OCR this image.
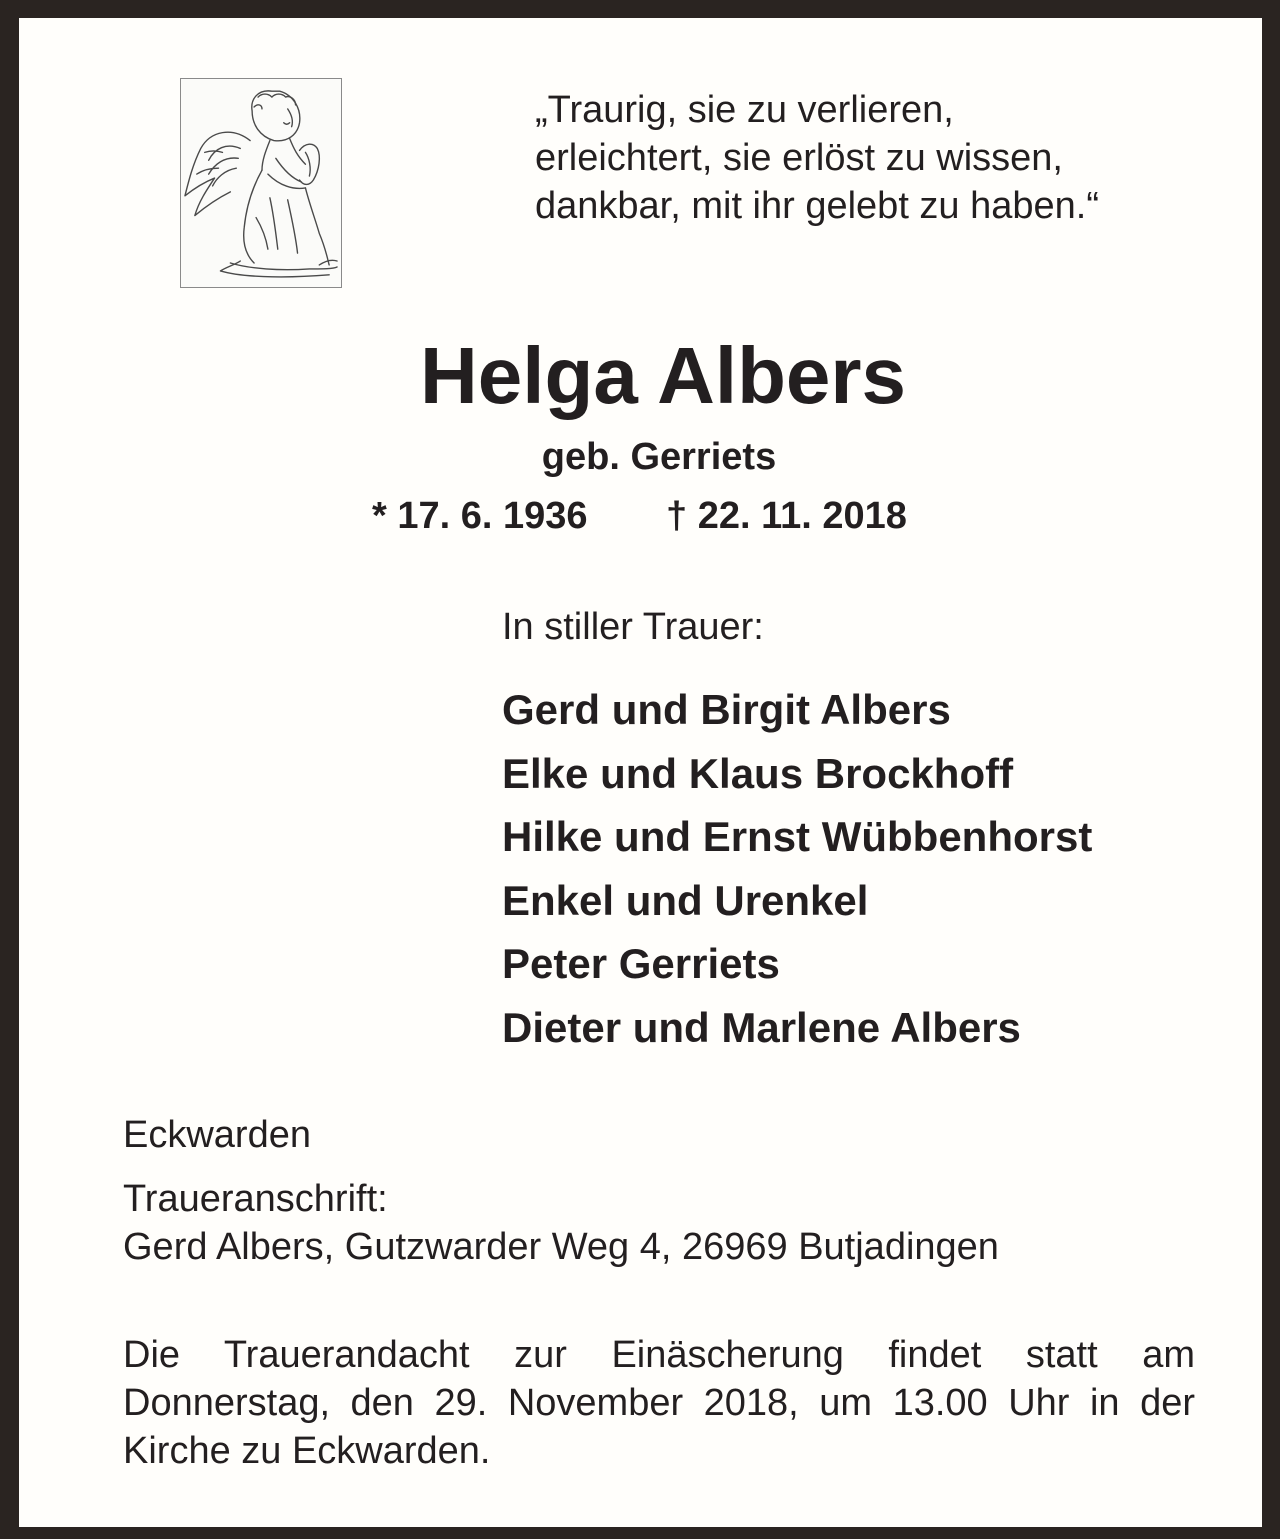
„Traurig, sie zu verlieren,
erleichtert, sie erlöst zu wissen,
dankbar, mit ihr gelebt zu haben.“
Helga Albers
geb. Gerriets
* 17. 6. 1936 † 22. 11. 2018
In stiller Trauer:
Gerd und Birgit Albers
Elke und Klaus Brockhoff
Hilke und Ernst Wübbenhorst
Enkel und Urenkel
Peter Gerriets
Dieter und Marlene Albers
Eckwarden
Traueranschrift:
Gerd Albers, Gutzwarder Weg 4, 26969 Butjadingen
Die Trauerandacht zur Einäscherung findet statt am Donnerstag, den 29. November 2018, um 13.00 Uhr in der Kirche zu Eckwarden.
